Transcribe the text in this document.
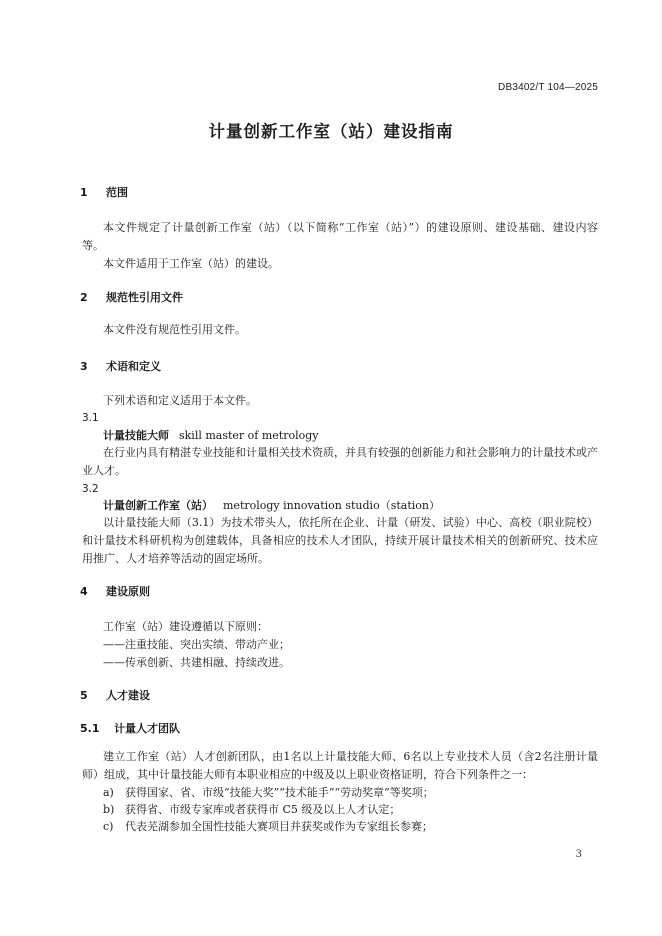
DB3402/T 104—2025
计量创新工作室（站）建设指南
1 范围
本文件规定了计量创新工作室（站）（以下简称“工作室（站）”）的建设原则、建设基础、建设内容等。
本文件适用于工作室（站）的建设。
2 规范性引用文件
本文件没有规范性引用文件。
3 术语和定义
下列术语和定义适用于本文件。
3.1
计量技能大师 skill master of metrology
在行业内具有精湛专业技能和计量相关技术资质，并具有较强的创新能力和社会影响力的计量技术或产业人才。
3.2
计量创新工作室（站） metrology innovation studio（station）
以计量技能大师（3.1）为技术带头人，依托所在企业、计量（研发、试验）中心、高校（职业院校）和计量技术科研机构为创建载体，具备相应的技术人才团队，持续开展计量技术相关的创新研究、技术应用推广、人才培养等活动的固定场所。
4 建设原则
工作室（站）建设遵循以下原则：
——注重技能、突出实绩、带动产业；
——传承创新、共建相融、持续改进。
5 人才建设
5.1 计量人才团队
建立工作室（站）人才创新团队，由1名以上计量技能大师、6名以上专业技术人员（含2名注册计量师）组成，其中计量技能大师有本职业相应的中级及以上职业资格证明，符合下列条件之一：
a) 获得国家、省、市级“技能大奖”“技术能手”“劳动奖章”等奖项；
b) 获得省、市级专家库或者获得市 C5 级及以上人才认定；
c) 代表芜湖参加全国性技能大赛项目并获奖或作为专家组长参赛；
3
